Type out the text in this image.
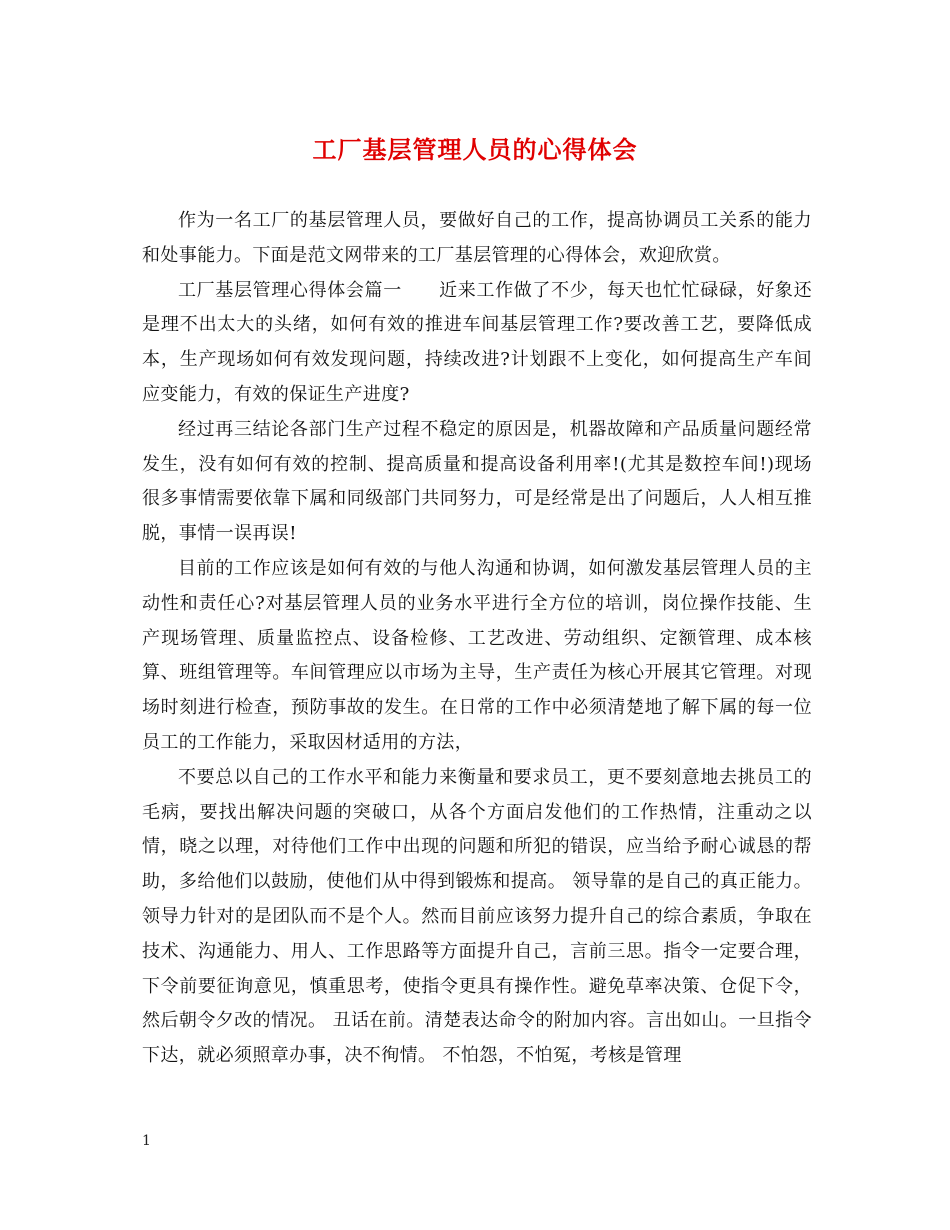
工厂基层管理人员的心得体会

作为一名工厂的基层管理人员，要做好自己的工作，提高协调员工关系的能力和处事能力。下面是范文网带来的工厂基层管理的心得体会，欢迎欣赏。

工厂基层管理心得体会篇一　　近来工作做了不少，每天也忙忙碌碌，好象还是理不出太大的头绪，如何有效的推进车间基层管理工作?要改善工艺，要降低成本，生产现场如何有效发现问题，持续改进?计划跟不上变化，如何提高生产车间应变能力，有效的保证生产进度?

经过再三结论各部门生产过程不稳定的原因是，机器故障和产品质量问题经常发生，没有如何有效的控制、提高质量和提高设备利用率!(尤其是数控车间!)现场很多事情需要依靠下属和同级部门共同努力，可是经常是出了问题后，人人相互推脱，事情一误再误!

目前的工作应该是如何有效的与他人沟通和协调，如何激发基层管理人员的主动性和责任心?对基层管理人员的业务水平进行全方位的培训，岗位操作技能、生产现场管理、质量监控点、设备检修、工艺改进、劳动组织、定额管理、成本核算、班组管理等。车间管理应以市场为主导，生产责任为核心开展其它管理。对现场时刻进行检查，预防事故的发生。在日常的工作中必须清楚地了解下属的每一位员工的工作能力，采取因材适用的方法，

不要总以自己的工作水平和能力来衡量和要求员工，更不要刻意地去挑员工的毛病，要找出解决问题的突破口，从各个方面启发他们的工作热情，注重动之以情，晓之以理，对待他们工作中出现的问题和所犯的错误，应当给予耐心诚恳的帮助，多给他们以鼓励，使他们从中得到锻炼和提高。 领导靠的是自己的真正能力。领导力针对的是团队而不是个人。然而目前应该努力提升自己的综合素质，争取在技术、沟通能力、用人、工作思路等方面提升自己，言前三思。指令一定要合理，下令前要征询意见，慎重思考，使指令更具有操作性。避免草率决策、仓促下令，然后朝令夕改的情况。 丑话在前。清楚表达命令的附加内容。言出如山。一旦指令下达，就必须照章办事，决不徇情。 不怕怨，不怕冤，考核是管理

1
